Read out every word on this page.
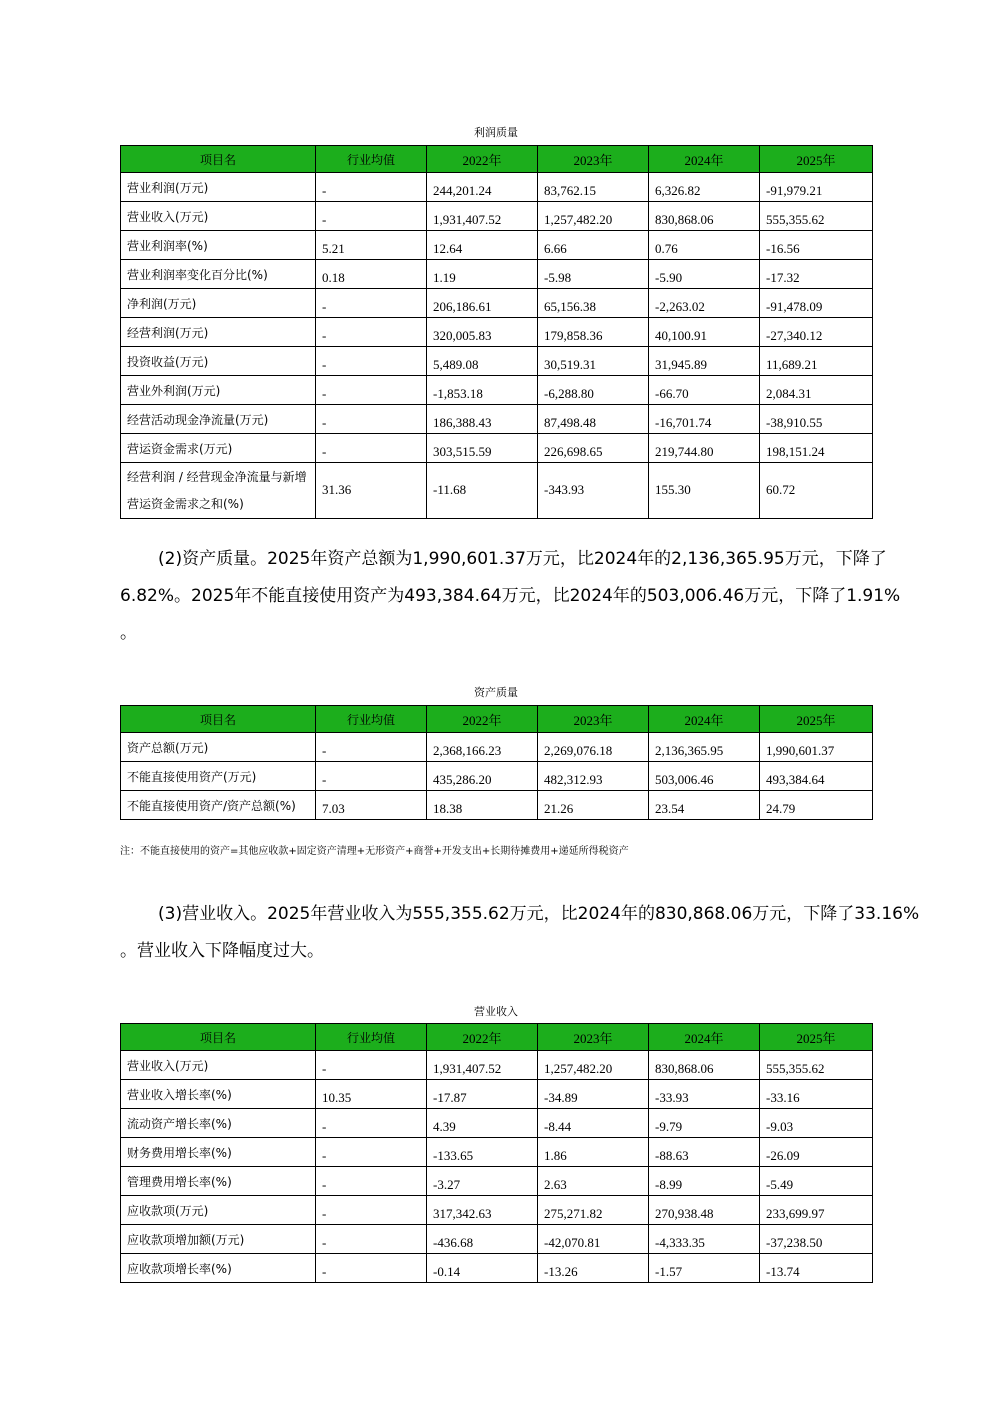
利润质量
项目名	行业均值	2022年	2023年	2024年	2025年
营业利润(万元)	-	244,201.24	83,762.15	6,326.82	-91,979.21
营业收入(万元)	-	1,931,407.52	1,257,482.20	830,868.06	555,355.62
营业利润率(%)	5.21	12.64	6.66	0.76	-16.56
营业利润率变化百分比(%)	0.18	1.19	-5.98	-5.90	-17.32
净利润(万元)	-	206,186.61	65,156.38	-2,263.02	-91,478.09
经营利润(万元)	-	320,005.83	179,858.36	40,100.91	-27,340.12
投资收益(万元)	-	5,489.08	30,519.31	31,945.89	11,689.21
营业外利润(万元)	-	-1,853.18	-6,288.80	-66.70	2,084.31
经营活动现金净流量(万元)	-	186,388.43	87,498.48	-16,701.74	-38,910.55
营运资金需求(万元)	-	303,515.59	226,698.65	219,744.80	198,151.24
经营利润 / 经营现金净流量与新增营运资金需求之和(%)	31.36	-11.68	-343.93	155.30	60.72
(2)资产质量。2025年资产总额为1,990,601.37万元，比2024年的2,136,365.95万元，下降了
6.82%。2025年不能直接使用资产为493,384.64万元，比2024年的503,006.46万元，下降了1.91%
。
资产质量
项目名	行业均值	2022年	2023年	2024年	2025年
资产总额(万元)	-	2,368,166.23	2,269,076.18	2,136,365.95	1,990,601.37
不能直接使用资产(万元)	-	435,286.20	482,312.93	503,006.46	493,384.64
不能直接使用资产/资产总额(%)	7.03	18.38	21.26	23.54	24.79
注：不能直接使用的资产=其他应收款+固定资产清理+无形资产+商誉+开发支出+长期待摊费用+递延所得税资产
(3)营业收入。2025年营业收入为555,355.62万元，比2024年的830,868.06万元，下降了33.16%
。营业收入下降幅度过大。
营业收入
项目名	行业均值	2022年	2023年	2024年	2025年
营业收入(万元)	-	1,931,407.52	1,257,482.20	830,868.06	555,355.62
营业收入增长率(%)	10.35	-17.87	-34.89	-33.93	-33.16
流动资产增长率(%)	-	4.39	-8.44	-9.79	-9.03
财务费用增长率(%)	-	-133.65	1.86	-88.63	-26.09
管理费用增长率(%)	-	-3.27	2.63	-8.99	-5.49
应收款项(万元)	-	317,342.63	275,271.82	270,938.48	233,699.97
应收款项增加额(万元)	-	-436.68	-42,070.81	-4,333.35	-37,238.50
应收款项增长率(%)	-	-0.14	-13.26	-1.57	-13.74
